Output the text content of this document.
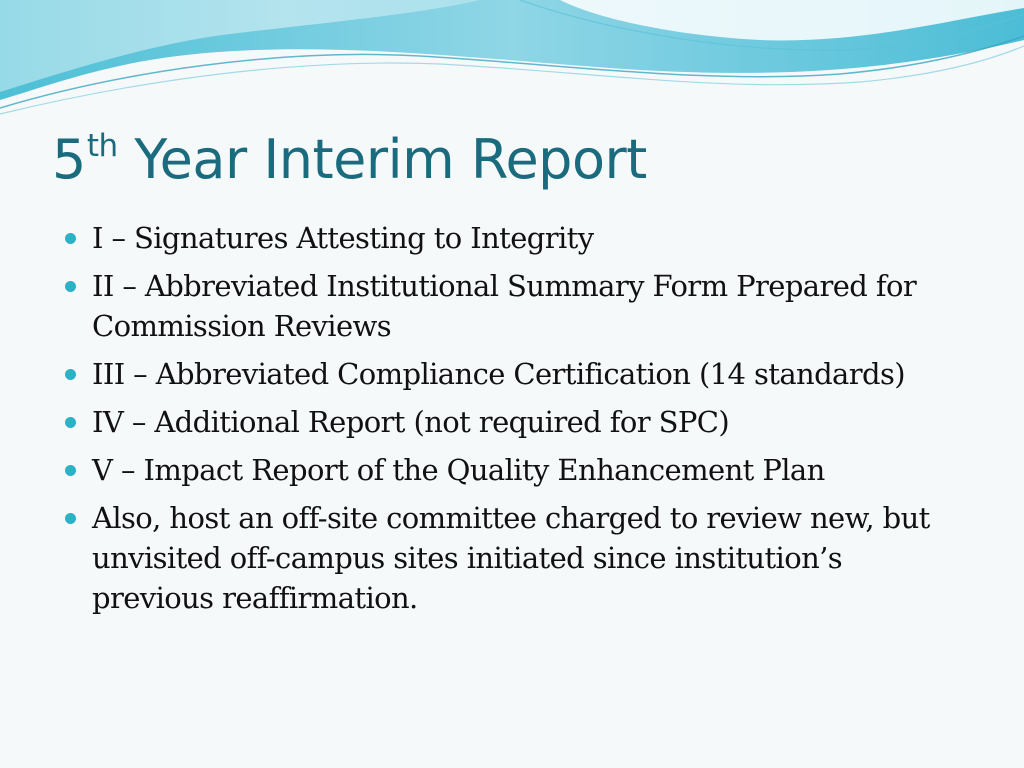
5th Year Interim Report
I – Signatures Attesting to Integrity
II – Abbreviated Institutional Summary Form Prepared for Commission Reviews
III – Abbreviated Compliance Certification (14 standards)
IV – Additional Report (not required for SPC)
V – Impact Report of the Quality Enhancement Plan
Also, host an off-site committee charged to review new, but unvisited off-campus sites initiated since institution’s previous reaffirmation.
